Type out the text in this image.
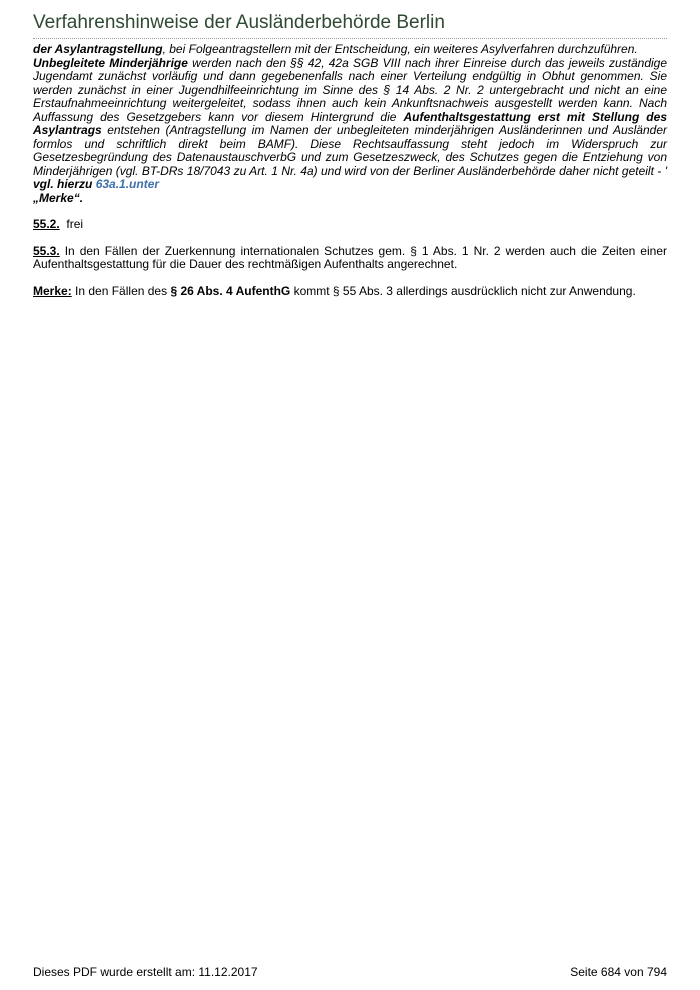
Verfahrenshinweise der Ausländerbehörde Berlin

der Asylantragstellung, bei Folgeantragstellern mit der Entscheidung, ein weiteres Asylverfahren durchzuführen.

Unbegleitete Minderjährige werden nach den §§ 42, 42a SGB VIII nach ihrer Einreise durch das jeweils zuständige Jugendamt zunächst vorläufig und dann gegebenenfalls nach einer Verteilung endgültig in Obhut genommen. Sie werden zunächst in einer Jugendhilfeeinrichtung im Sinne des § 14 Abs. 2 Nr. 2 untergebracht und nicht an eine Erstaufnahmeeinrichtung weitergeleitet, sodass ihnen auch kein Ankunftsnachweis ausgestellt werden kann. Nach Auffassung des Gesetzgebers kann vor diesem Hintergrund die Aufenthaltsgestattung erst mit Stellung des Asylantrags entstehen (Antragstellung im Namen der unbegleiteten minderjährigen Ausländerinnen und Ausländer formlos und schriftlich direkt beim BAMF). Diese Rechtsauffassung steht jedoch im Widerspruch zur Gesetzesbegründung des DatenaustauschverbG und zum Gesetzeszweck, des Schutzes gegen die Entziehung von Minderjährigen (vgl. BT-DRs 18/7043 zu Art. 1 Nr. 4a) und wird von der Berliner Ausländerbehörde daher nicht geteilt - ' vgl. hierzu 63a.1.unter
„Merke“.

55.2. frei

55.3. In den Fällen der Zuerkennung internationalen Schutzes gem. § 1 Abs. 1 Nr. 2 werden auch die Zeiten einer Aufenthaltsgestattung für die Dauer des rechtmäßigen Aufenthalts angerechnet.

Merke: In den Fällen des § 26 Abs. 4 AufenthG kommt § 55 Abs. 3 allerdings ausdrücklich nicht zur Anwendung.

Dieses PDF wurde erstellt am: 11.12.2017	Seite 684 von 794
